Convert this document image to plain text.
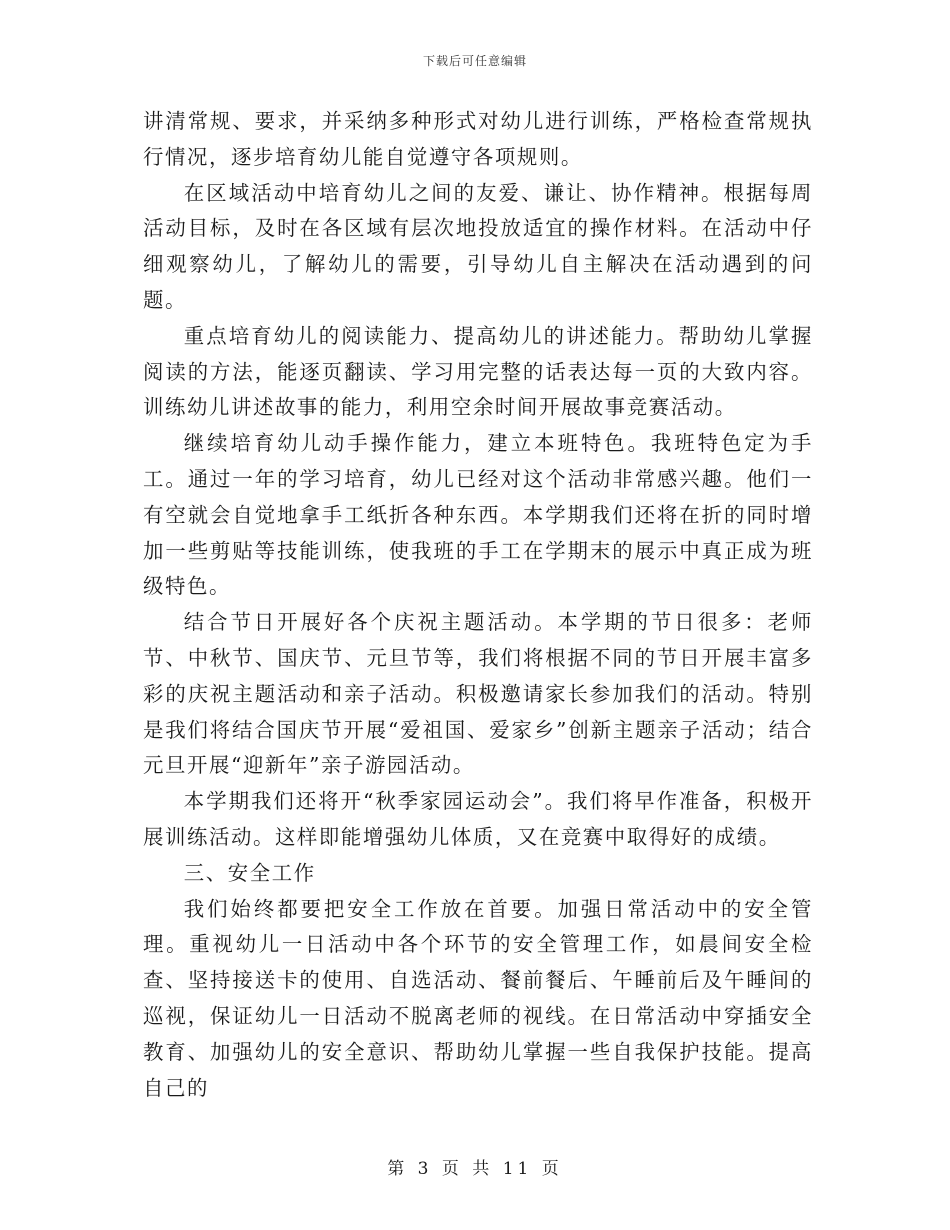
下载后可任意编辑

讲清常规、要求，并采纳多种形式对幼儿进行训练，严格检查常规执行情况，逐步培育幼儿能自觉遵守各项规则。

在区域活动中培育幼儿之间的友爱、谦让、协作精神。根据每周活动目标，及时在各区域有层次地投放适宜的操作材料。在活动中仔细观察幼儿，了解幼儿的需要，引导幼儿自主解决在活动遇到的问题。

重点培育幼儿的阅读能力、提高幼儿的讲述能力。帮助幼儿掌握阅读的方法，能逐页翻读、学习用完整的话表达每一页的大致内容。训练幼儿讲述故事的能力，利用空余时间开展故事竞赛活动。

继续培育幼儿动手操作能力，建立本班特色。我班特色定为手工。通过一年的学习培育，幼儿已经对这个活动非常感兴趣。他们一有空就会自觉地拿手工纸折各种东西。本学期我们还将在折的同时增加一些剪贴等技能训练，使我班的手工在学期末的展示中真正成为班级特色。

结合节日开展好各个庆祝主题活动。本学期的节日很多：老师节、中秋节、国庆节、元旦节等，我们将根据不同的节日开展丰富多彩的庆祝主题活动和亲子活动。积极邀请家长参加我们的活动。特别是我们将结合国庆节开展“爱祖国、爱家乡”创新主题亲子活动；结合元旦开展“迎新年”亲子游园活动。

本学期我们还将开“秋季家园运动会”。我们将早作准备，积极开展训练活动。这样即能增强幼儿体质，又在竞赛中取得好的成绩。

三、安全工作

我们始终都要把安全工作放在首要。加强日常活动中的安全管理。重视幼儿一日活动中各个环节的安全管理工作，如晨间安全检查、坚持接送卡的使用、自选活动、餐前餐后、午睡前后及午睡间的巡视，保证幼儿一日活动不脱离老师的视线。在日常活动中穿插安全教育、加强幼儿的安全意识、帮助幼儿掌握一些自我保护技能。提高自己的

第 3 页 共 11 页
